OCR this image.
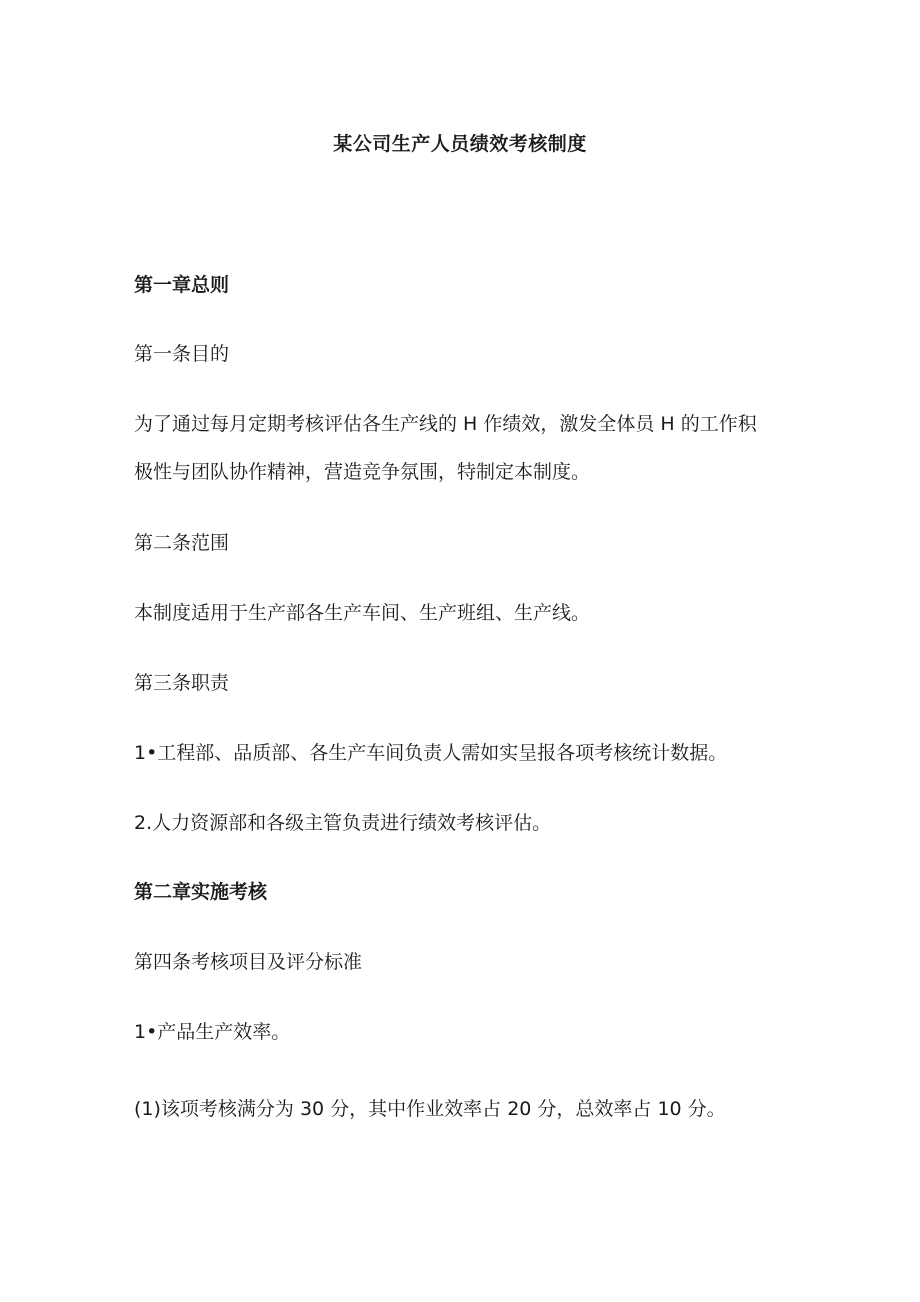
某公司生产人员绩效考核制度
第一章总则
第一条目的
为了通过每月定期考核评估各生产线的 H 作绩效，激发全体员 H 的工作积
极性与团队协作精神，营造竞争氛围，特制定本制度。
第二条范围
本制度适用于生产部各生产车间、生产班组、生产线。
第三条职责
1•工程部、品质部、各生产车间负责人需如实呈报各项考核统计数据。
2.人力资源部和各级主管负责进行绩效考核评估。
第二章实施考核
第四条考核项目及评分标准
1•产品生产效率。
(1)该项考核满分为 30 分，其中作业效率占 20 分，总效率占 10 分。
